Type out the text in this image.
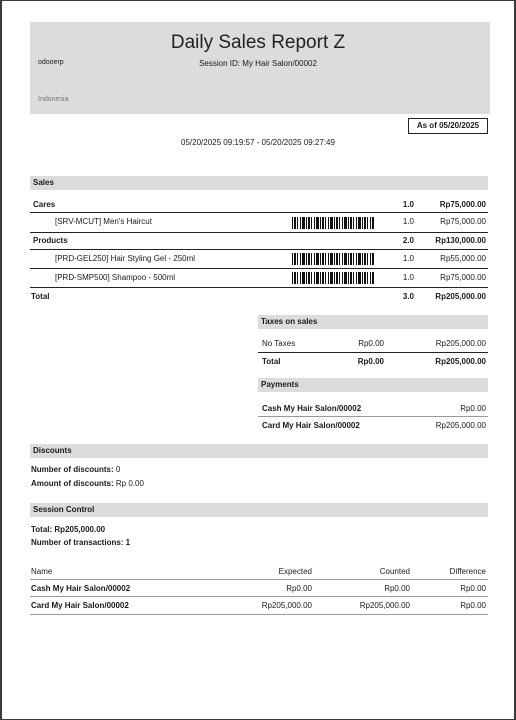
Daily Sales Report Z
Session ID: My Hair Salon/00002
odooerp
Indonesia
As of 05/20/2025
05/20/2025 09:19:57 - 05/20/2025 09:27:49
Sales
Cares	1.0	Rp75,000.00
[SRV-MCUT] Men's Haircut	1.0	Rp75,000.00
Products	2.0	Rp130,000.00
[PRD-GEL250] Hair Styling Gel - 250ml	1.0	Rp55,000.00
[PRD-SMP500] Shampoo - 500ml	1.0	Rp75,000.00
Total	3.0	Rp205,000.00
Taxes on sales
No Taxes	Rp0.00	Rp205,000.00
Total	Rp0.00	Rp205,000.00
Payments
Cash My Hair Salon/00002	Rp0.00
Card My Hair Salon/00002	Rp205,000.00
Discounts
Number of discounts: 0
Amount of discounts: Rp 0.00
Session Control
Total: Rp205,000.00
Number of transactions: 1
Name	Expected	Counted	Difference
Cash My Hair Salon/00002	Rp0.00	Rp0.00	Rp0.00
Card My Hair Salon/00002	Rp205,000.00	Rp205,000.00	Rp0.00
